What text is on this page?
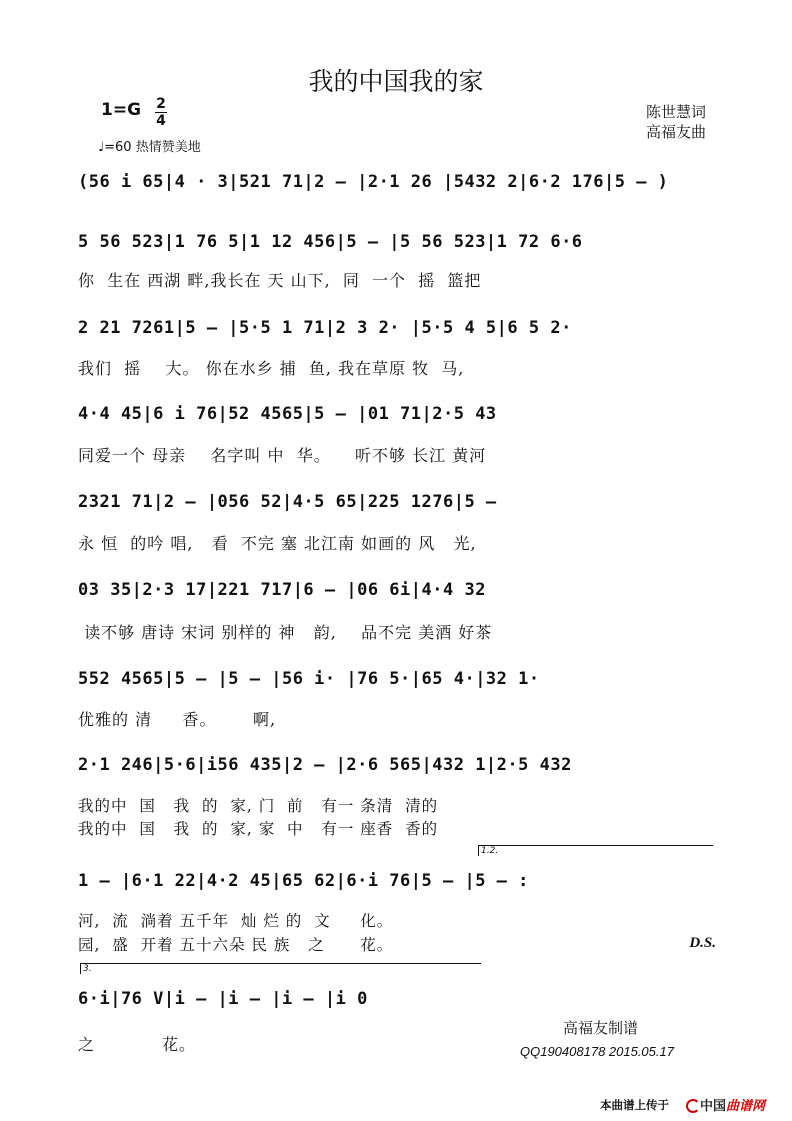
我的中国我的家
1=G 2
4
♩=60 热情赞美地
陈世慧词
高福友曲
(56 i 65|4 · 3|521 71|2 – |2·1 26 |5432 2|6·2 176|5 – )
5 56 523|1 76 5|1 12 456|5 – |5 56 523|1 72 6·6
你  生在 西湖 畔,我长在 天 山下,  同  一个  摇  篮把
2 21 7261|5 – |5·5 1 71|2 3 2· |5·5 4 5|6 5 2·
我们  摇    大。 你在水乡 捕  鱼, 我在草原 牧  马,
4·4 45|6 i 76|52 4565|5 – |01 71|2·5 43
同爱一个 母亲    名字叫 中  华。    听不够 长江 黄河
2321 71|2 – |056 52|4·5 65|225 1276|5 –
永 恒  的吟 唱,   看  不完 塞 北江南 如画的 风   光,
03 35|2·3 17|221 717|6 – |06 6i|4·4 32
读不够 唐诗 宋词 别样的 神   韵,    品不完 美酒 好茶
552 4565|5 – |5 – |56 i· |76 5·|65 4·|32 1·
优雅的 清     香。      啊,
2·1 246|5·6|i56 435|2 – |2·6 565|432 1|2·5 432
我的中  国   我  的  家, 门  前   有一 条清  清的
我的中  国   我  的  家, 家  中   有一 座香  香的
1.2.
1 – |6·1 22|4·2 45|65 62|6·i 76|5 – |5 – :
河,  流  淌着 五千年  灿 烂 的  文     化。
园,  盛  开着 五十六朵 民 族   之      花。
3.
6·i|76 V|i – |i – |i – |i 0
之           花。
D.S.
高福友制谱
QQ190408178 2015.05.17
本曲谱上传于 中国曲谱网
